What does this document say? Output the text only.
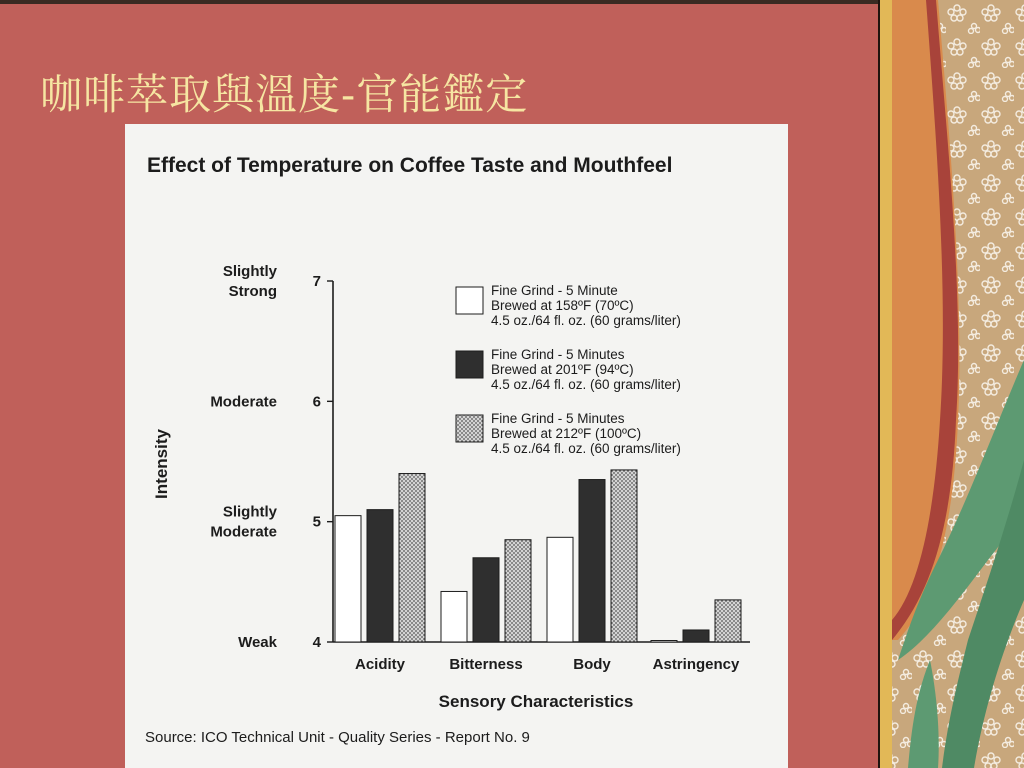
咖啡萃取與溫度-官能鑑定
Effect of Temperature on Coffee Taste and Mouthfeel
Sensory Characteristics
Intensity
Source: ICO Technical Unit - Quality Series - Report No. 9
7
Slightly
Strong
6
Moderate
5
Slightly
Moderate
4
Weak
Acidity	Bitterness	Body	Astringency
Fine Grind - 5 Minute
Brewed at 158ºF (70ºC)
4.5 oz./64 fl. oz. (60 grams/liter)
Fine Grind - 5 Minutes
Brewed at 201ºF (94ºC)
4.5 oz./64 fl. oz. (60 grams/liter)
Fine Grind - 5 Minutes
Brewed at 212ºF (100ºC)
4.5 oz./64 fl. oz. (60 grams/liter)
